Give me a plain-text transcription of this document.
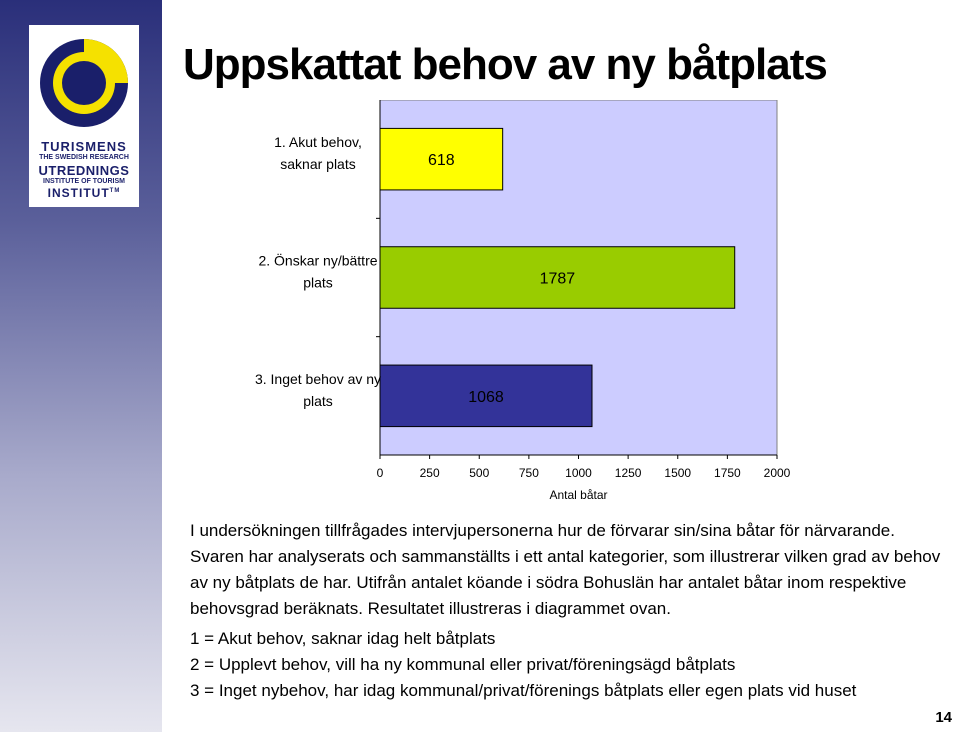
TURISMENS
THE SWEDISH RESEARCH
UTREDNINGS
INSTITUTE OF TOURISM
INSTITUT™
Uppskattat behov av ny båtplats
618
1. Akut behov,
saknar plats
1787
2. Önskar ny/bättre
plats
1068
3. Inget behov av ny
plats
0	250 500 750 1000 1250 1500 1750 2000
Antal båtar

I undersökningen tillfrågades intervjupersonerna hur de förvarar sin/sina båtar för närvarande.

Svaren har analyserats och sammanställts i ett antal kategorier, som illustrerar vilken grad av behov av ny båtplats de har. Utifrån antalet köande i södra Bohuslän har antalet båtar inom respektive behovsgrad beräknats. Resultatet illustreras i diagrammet ovan.

1 = Akut behov, saknar idag helt båtplats

2 = Upplevt behov, vill ha ny kommunal eller privat/föreningsägd båtplats

3 = Inget nybehov, har idag kommunal/privat/förenings båtplats eller egen plats vid huset

14
